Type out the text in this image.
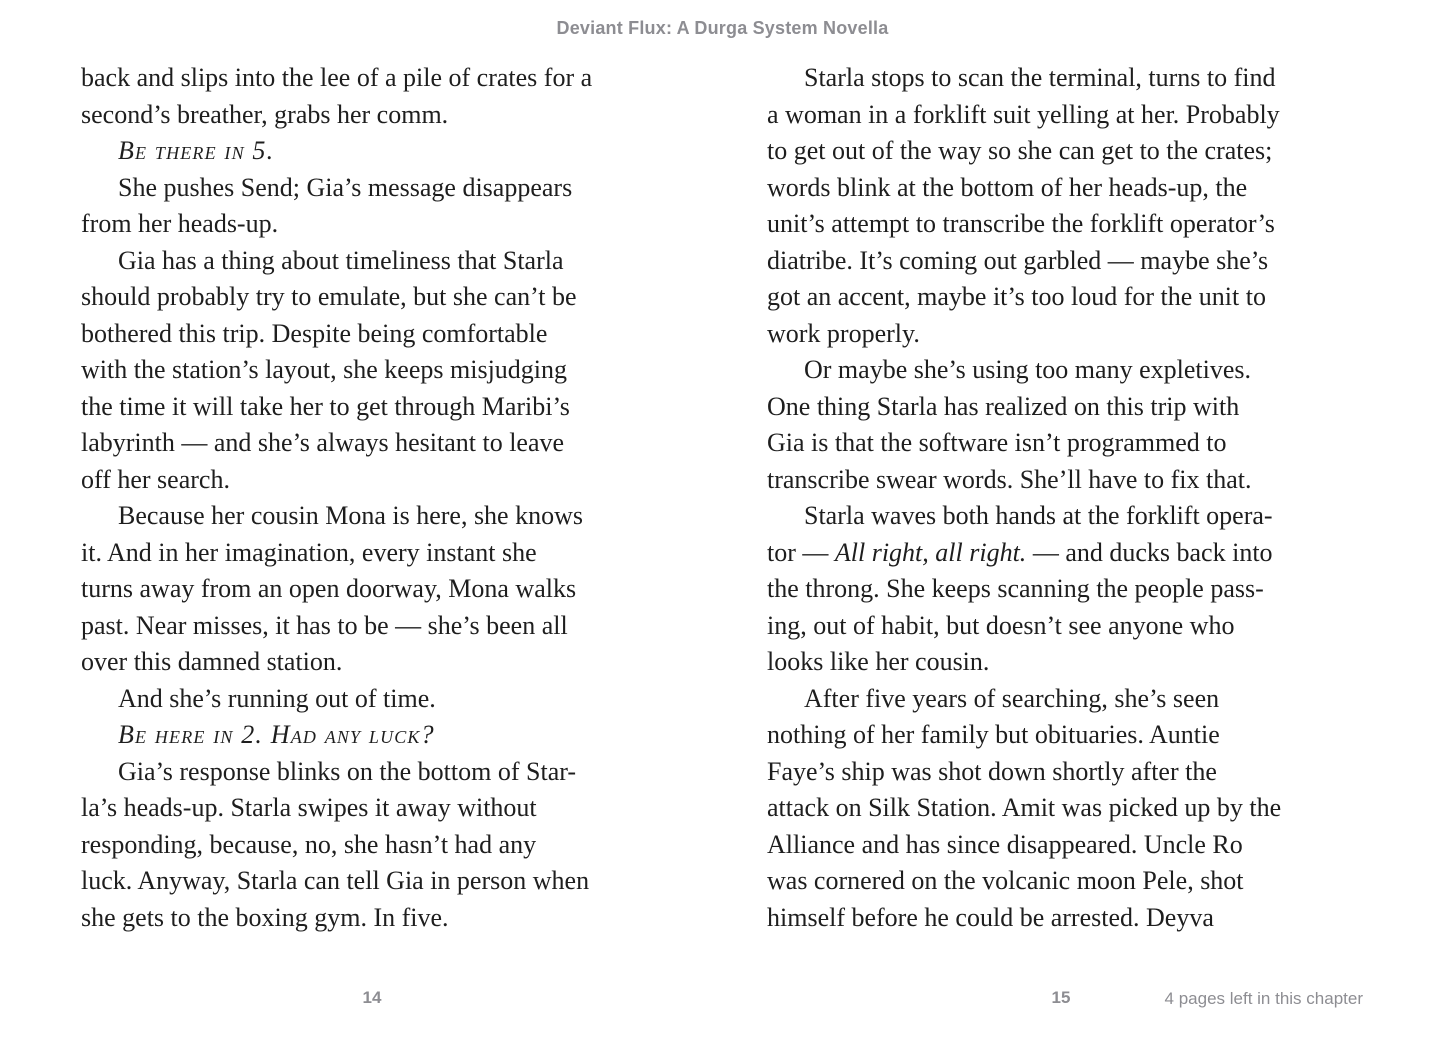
Deviant Flux: A Durga System Novella
back and slips into the lee of a pile of crates for a
second’s breather, grabs her comm.
Be there in 5.
She pushes Send; Gia’s message disappears
from her heads-up.
Gia has a thing about timeliness that Starla
should probably try to emulate, but she can’t be
bothered this trip. Despite being comfortable
with the station’s layout, she keeps misjudging
the time it will take her to get through Maribi’s
labyrinth — and she’s always hesitant to leave
off her search.
Because her cousin Mona is here, she knows
it. And in her imagination, every instant she
turns away from an open doorway, Mona walks
past. Near misses, it has to be — she’s been all
over this damned station.
And she’s running out of time.
Be here in 2. Had any luck?
Gia’s response blinks on the bottom of Star-
la’s heads-up. Starla swipes it away without
responding, because, no, she hasn’t had any
luck. Anyway, Starla can tell Gia in person when
she gets to the boxing gym. In five.
Starla stops to scan the terminal, turns to find
a woman in a forklift suit yelling at her. Probably
to get out of the way so she can get to the crates;
words blink at the bottom of her heads-up, the
unit’s attempt to transcribe the forklift operator’s
diatribe. It’s coming out garbled — maybe she’s
got an accent, maybe it’s too loud for the unit to
work properly.
Or maybe she’s using too many expletives.
One thing Starla has realized on this trip with
Gia is that the software isn’t programmed to
transcribe swear words. She’ll have to fix that.
Starla waves both hands at the forklift opera-
tor — All right, all right. — and ducks back into
the throng. She keeps scanning the people pass-
ing, out of habit, but doesn’t see anyone who
looks like her cousin.
After five years of searching, she’s seen
nothing of her family but obituaries. Auntie
Faye’s ship was shot down shortly after the
attack on Silk Station. Amit was picked up by the
Alliance and has since disappeared. Uncle Ro
was cornered on the volcanic moon Pele, shot
himself before he could be arrested. Deyva
14	15	4 pages left in this chapter
